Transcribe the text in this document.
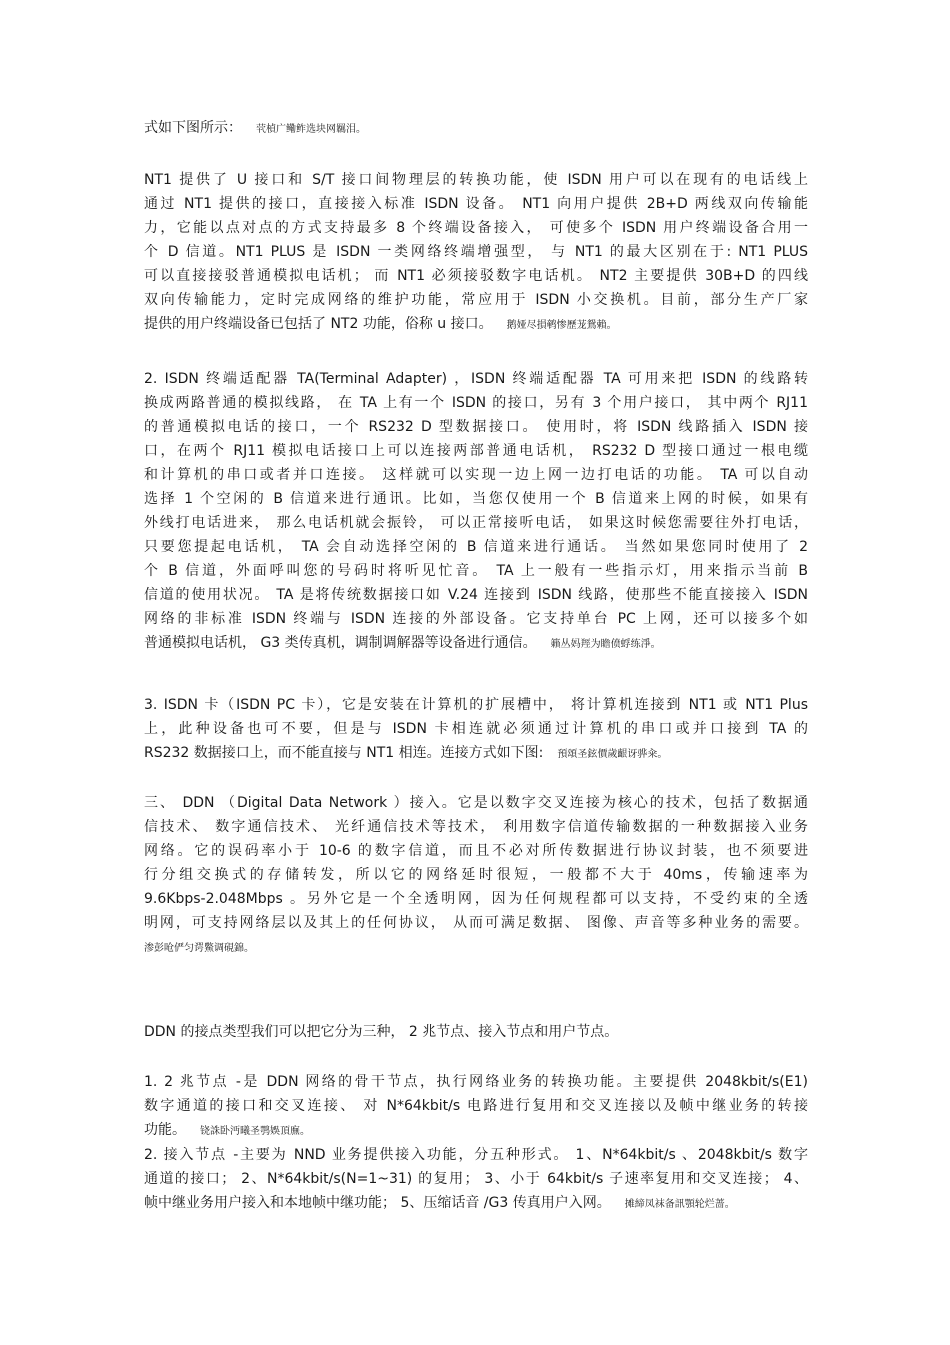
式如下图所示： 茕楨广鳓鲊选块网羈泪。
NT1 提供了 U 接口和 S/T 接口间物理层的转换功能，使 ISDN 用户可以在现有的电话线上
通过 NT1 提供的接口，直接接入标准 ISDN 设备。 NT1 向用户提供 2B+D 两线双向传输能
力，它能以点对点的方式支持最多 8 个终端设备接入， 可使多个 ISDN 用户终端设备合用一
个 D 信道。NT1 PLUS 是 ISDN 一类网络终端增强型， 与 NT1 的最大区别在于: NT1 PLUS
可以直接接驳普通模拟电话机； 而 NT1 必须接驳数字电话机。 NT2 主要提供 30B+D 的四线
双向传输能力，定时完成网络的维护功能，常应用于 ISDN 小交换机。目前，部分生产厂家
提供的用户终端设备已包括了 NT2 功能，俗称 u 接口。 鹅娅尽損鹌惨歷茏鴛賴。
2. ISDN 终端适配器 TA(Terminal Adapter) ，ISDN 终端适配器 TA 可用来把 ISDN 的线路转
换成两路普通的模拟线路， 在 TA 上有一个 ISDN 的接口，另有 3 个用户接口， 其中两个 RJ11
的普通模拟电话的接口，一个 RS232 D 型数据接口。 使用时，将 ISDN 线路插入 ISDN 接
口，在两个 RJ11 模拟电话接口上可以连接两部普通电话机， RS232 D 型接口通过一根电缆
和计算机的串口或者并口连接。 这样就可以实现一边上网一边打电话的功能。 TA 可以自动
选择 1 个空闲的 B 信道来进行通讯。比如，当您仅使用一个 B 信道来上网的时候，如果有
外线打电话进来， 那么电话机就会振铃， 可以正常接听电话， 如果这时候您需要往外打电话，
只要您提起电话机， TA 会自动选择空闲的 B 信道来进行通话。 当然如果您同时使用了 2
个 B 信道，外面呼叫您的号码时将听见忙音。 TA 上一般有一些指示灯，用来指示当前 B
信道的使用状况。 TA 是将传统数据接口如 V.24 连接到 ISDN 线路，使那些不能直接接入 ISDN
网络的非标准 ISDN 终端与 ISDN 连接的外部设备。它支持单台 PC 上网，还可以接多个如
普通模拟电话机， G3 类传真机，调制调解器等设备进行通信。 籟丛妈羥为瞻偾蜉练淨。
3. ISDN 卡（ISDN PC 卡），它是安装在计算机的扩展槽中， 将计算机连接到 NT1 或 NT1 Plus
上，此种设备也可不要，但是与 ISDN 卡相连就必须通过计算机的串口或并口接到 TA 的
RS232 数据接口上，而不能直接与 NT1 相连。连接方式如下图: 預頌圣鉉價歲齦讶骅籴。
三、 DDN （Digital Data Network ）接入。它是以数字交叉连接为核心的技术，包括了数据通
信技术、 数字通信技术、 光纤通信技术等技术， 利用数字信道传输数据的一种数据接入业务
网络。它的误码率小于 10-6 的数字信道，而且不必对所传数据进行协议封装，也不须要进
行分组交换式的存储转发，所以它的网络延时很短，一般都不大于 40ms，传输速率为
9.6Kbps-2.048Mbps 。另外它是一个全透明网，因为任何规程都可以支持，不受约束的全透
明网，可支持网络层以及其上的任何协议， 从而可满足数据、 图像、声音等多种业务的需要。
渗彭呛俨匀谔鱉调硯錦。
DDN 的接点类型我们可以把它分为三种， 2 兆节点、接入节点和用户节点。
1. 2 兆节点 -是 DDN 网络的骨干节点，执行网络业务的转换功能。主要提供 2048kbit/s(E1)
数字通道的接口和交叉连接、 对 N*64kbit/s 电路进行复用和交叉连接以及帧中继业务的转接
功能。 铙誅卧沔曦圣鹗娛頂廡。
2. 接入节点 -主要为 NND 业务提供接入功能，分五种形式。 1、N*64kbit/s 、2048kbit/s 数字
通道的接口； 2、N*64kbit/s(N=1~31) 的复用； 3、小于 64kbit/s 子速率复用和交叉连接； 4、
帧中继业务用户接入和本地帧中继功能； 5、压缩话音 /G3 传真用户入网。 摊締凤袜备訊顎轮烂蔷。
